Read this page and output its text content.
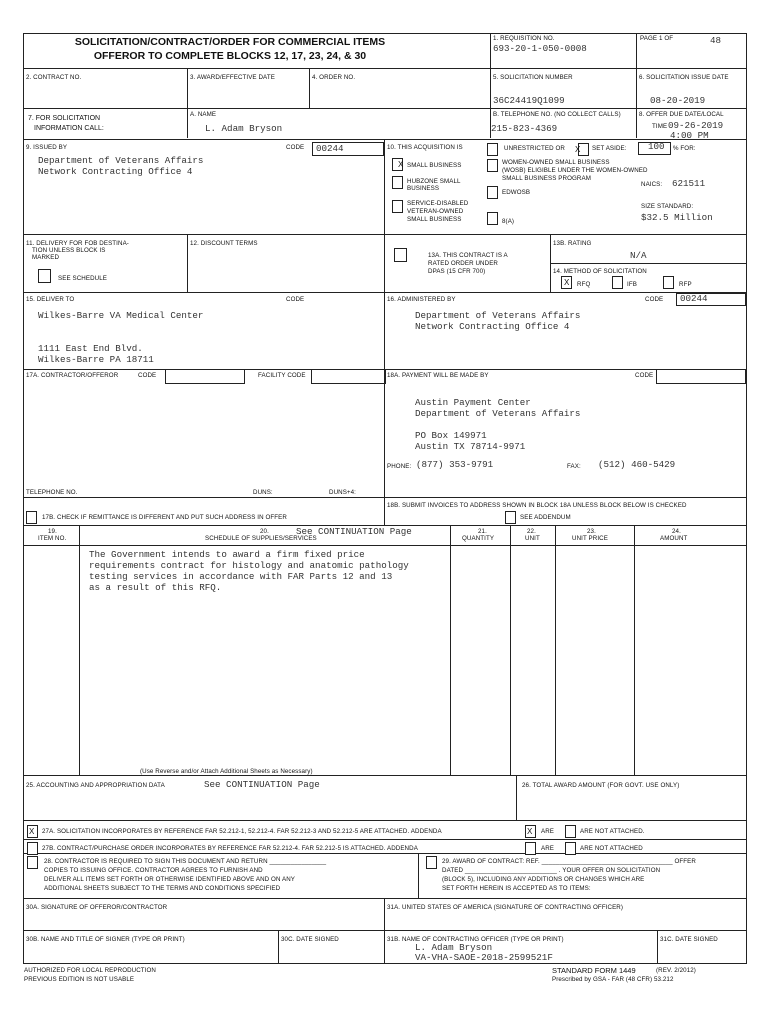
SOLICITATION/CONTRACT/ORDER FOR COMMERCIAL ITEMS
OFFEROR TO COMPLETE BLOCKS 12, 17, 23, 24, & 30
1. REQUISITION NO.
693-20-1-050-0008
PAGE 1 OF	48
2. CONTRACT NO.	3. AWARD/EFFECTIVE DATE	4. ORDER NO.	5. SOLICITATION NUMBER
36C24419Q1099
6. SOLICITATION ISSUE DATE
08-20-2019
7. FOR SOLICITATION
INFORMATION CALL:
A. NAME
L. Adam Bryson
B. TELEPHONE NO. (NO COLLECT CALLS)
215-823-4369
8. OFFER DUE DATE/LOCAL
TIME 09-26-2019
4:00 PM
9. ISSUED BY	CODE 00244
Department of Veterans Affairs
Network Contracting Office 4
10. THIS ACQUISITION IS	UNRESTRICTED OR X SET ASIDE: 100 % FOR:
X SMALL BUSINESS
HUBZONE SMALL
BUSINESS
SERVICE-DISABLED
VETERAN-OWNED
SMALL BUSINESS
WOMEN-OWNED SMALL BUSINESS
(WOSB) ELIGIBLE UNDER THE WOMEN-OWNED
SMALL BUSINESS PROGRAM
EDWOSB
8(A)
NAICS: 621511
SIZE STANDARD:
$32.5 Million
11. DELIVERY FOR FOB DESTINA-
TION UNLESS BLOCK IS
MARKED
SEE SCHEDULE
12. DISCOUNT TERMS
13A. THIS CONTRACT IS A
RATED ORDER UNDER
DPAS (15 CFR 700)
13B. RATING
N/A
14. METHOD OF SOLICITATION
X RFQ	IFB	RFP
15. DELIVER TO	CODE
Wilkes-Barre VA Medical Center
1111 East End Blvd.
Wilkes-Barre PA 18711
16. ADMINISTERED BY	CODE 00244
Department of Veterans Affairs
Network Contracting Office 4
17A. CONTRACTOR/OFFEROR	CODE	FACILITY CODE
TELEPHONE NO.	DUNS:	DUNS+4:
17B. CHECK IF REMITTANCE IS DIFFERENT AND PUT SUCH ADDRESS IN OFFER
18A. PAYMENT WILL BE MADE BY	CODE
Austin Payment Center
Department of Veterans Affairs
PO Box 149971
Austin TX 78714-9971
PHONE: (877) 353-9791	FAX: (512) 460-5429
18B. SUBMIT INVOICES TO ADDRESS SHOWN IN BLOCK 18A UNLESS BLOCK BELOW IS CHECKED
SEE ADDENDUM
19.
ITEM NO.
20.	See CONTINUATION Page
SCHEDULE OF SUPPLIES/SERVICES
21.
QUANTITY
22.
UNIT
23.
UNIT PRICE
24.
AMOUNT
The Government intends to award a firm fixed price
requirements contract for histology and anatomic pathology
testing services in accordance with FAR Parts 12 and 13
as a result of this RFQ.
(Use Reverse and/or Attach Additional Sheets as Necessary)
25. ACCOUNTING AND APPROPRIATION DATA	See CONTINUATION Page	26. TOTAL AWARD AMOUNT (FOR GOVT. USE ONLY)
X 27A. SOLICITATION INCORPORATES BY REFERENCE FAR 52.212-1, 52.212-4. FAR 52.212-3 AND 52.212-5 ARE ATTACHED. ADDENDA	X ARE	ARE NOT ATTACHED.
27B. CONTRACT/PURCHASE ORDER INCORPORATES BY REFERENCE FAR 52.212-4. FAR 52.212-5 IS ATTACHED. ADDENDA	ARE	ARE NOT ATTACHED
28. CONTRACTOR IS REQUIRED TO SIGN THIS DOCUMENT AND RETURN ________________
COPIES TO ISSUING OFFICE. CONTRACTOR AGREES TO FURNISH AND
DELIVER ALL ITEMS SET FORTH OR OTHERWISE IDENTIFIED ABOVE AND ON ANY
ADDITIONAL SHEETS SUBJECT TO THE TERMS AND CONDITIONS SPECIFIED
29. AWARD OF CONTRACT: REF. _____________________________________ OFFER
DATED __________________________ . YOUR OFFER ON SOLICITATION
(BLOCK 5), INCLUDING ANY ADDITIONS OR CHANGES WHICH ARE
SET FORTH HEREIN IS ACCEPTED AS TO ITEMS:
30A. SIGNATURE OF OFFEROR/CONTRACTOR	31A. UNITED STATES OF AMERICA (SIGNATURE OF CONTRACTING OFFICER)
30B. NAME AND TITLE OF SIGNER (TYPE OR PRINT)	30C. DATE SIGNED	31B. NAME OF CONTRACTING OFFICER (TYPE OR PRINT)
L. Adam Bryson
VA-VHA-SAOE-2018-2599521F
31C. DATE SIGNED
AUTHORIZED FOR LOCAL REPRODUCTION
PREVIOUS EDITION IS NOT USABLE
STANDARD FORM 1449	(REV. 2/2012)
Prescribed by GSA - FAR (48 CFR) 53.212
